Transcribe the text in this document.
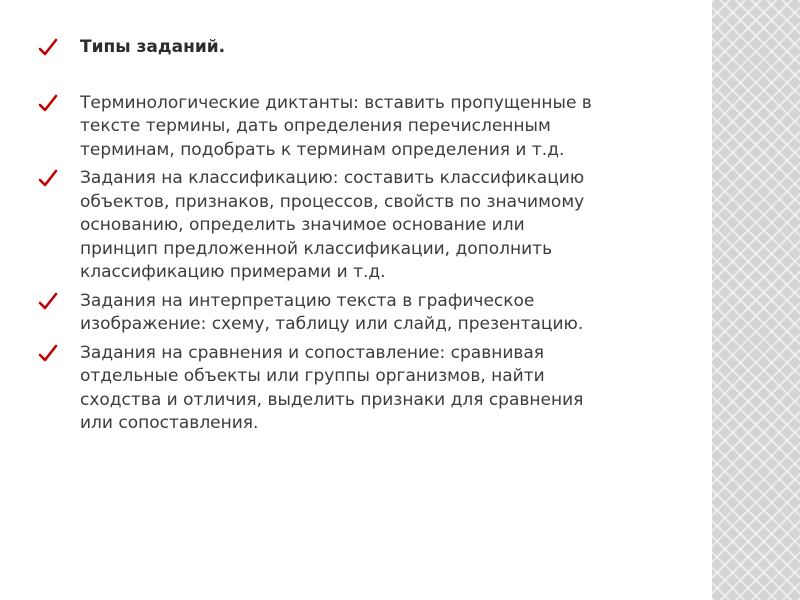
Типы заданий.
Терминологические диктанты: вставить пропущенные в
тексте термины, дать определения перечисленным
терминам, подобрать к терминам определения и т.д.
Задания на классификацию: составить классификацию
объектов, признаков, процессов, свойств по значимому
основанию, определить значимое основание или
принцип предложенной классификации, дополнить
классификацию примерами и т.д.
Задания на интерпретацию текста в графическое
изображение: схему, таблицу или слайд, презентацию.
Задания на сравнения и сопоставление: сравнивая
отдельные объекты или группы организмов, найти
сходства и отличия, выделить признаки для сравнения
или сопоставления.
